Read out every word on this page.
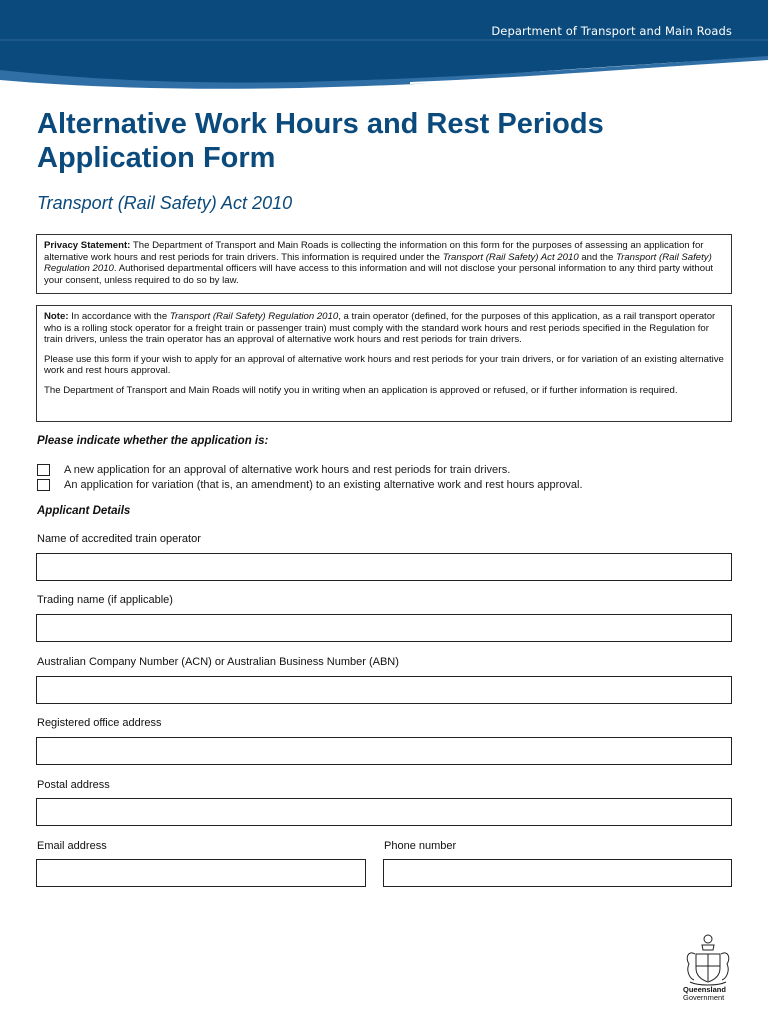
Department of Transport and Main Roads
Alternative Work Hours and Rest Periods
Application Form
Transport (Rail Safety) Act 2010

Privacy Statement: The Department of Transport and Main Roads is collecting the information on this form for the purposes of assessing an application for alternative work hours and rest periods for train drivers. This information is required under the Transport (Rail Safety) Act 2010 and the Transport (Rail Safety) Regulation 2010. Authorised departmental officers will have access to this information and will not disclose your personal information to any third party without your consent, unless required to do so by law.

Note: In accordance with the Transport (Rail Safety) Regulation 2010, a train operator (defined, for the purposes of this application, as a rail transport operator who is a rolling stock operator for a freight train or passenger train) must comply with the standard work hours and rest periods specified in the Regulation for train drivers, unless the train operator has an approval of alternative work hours and rest periods for train drivers.

Please use this form if your wish to apply for an approval of alternative work hours and rest periods for your train drivers, or for variation of an existing alternative work and rest hours approval.

The Department of Transport and Main Roads will notify you in writing when an application is approved or refused, or if further information is required.

Please indicate whether the application is:
A new application for an approval of alternative work hours and rest periods for train drivers.
An application for variation (that is, an amendment) to an existing alternative work and rest hours approval.
Applicant Details
Name of accredited train operator
Trading name (if applicable)
Australian Company Number (ACN) or Australian Business Number (ABN)
Registered office address
Postal address
Email address	Phone number
Queensland
Government
